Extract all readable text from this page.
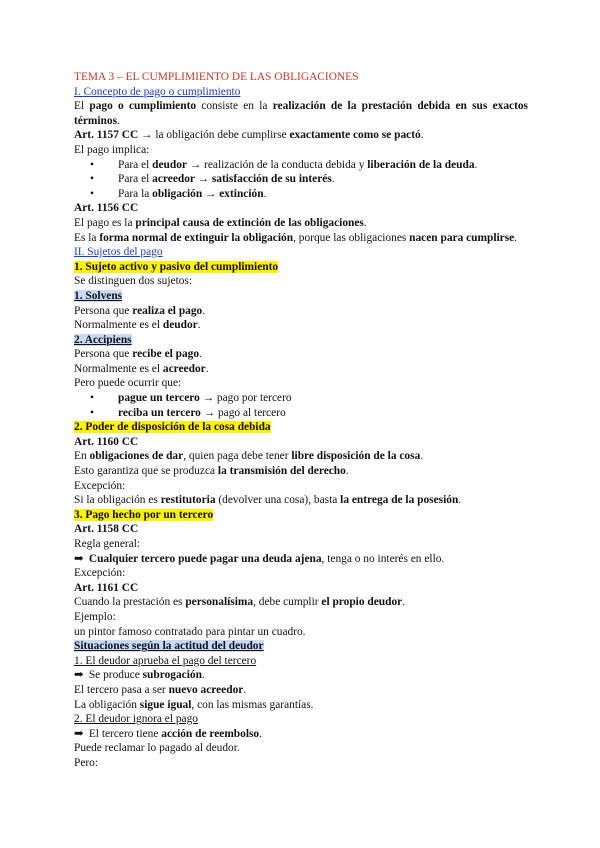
TEMA 3 – EL CUMPLIMIENTO DE LAS OBLIGACIONES
I. Concepto de pago o cumplimiento
El pago o cumplimiento consiste en la realización de la prestación debida en sus exactos términos.
Art. 1157 CC → la obligación debe cumplirse exactamente como se pactó.
El pago implica:
• Para el deudor → realización de la conducta debida y liberación de la deuda.
• Para el acreedor → satisfacción de su interés.
• Para la obligación → extinción.
Art. 1156 CC
El pago es la principal causa de extinción de las obligaciones.
Es la forma normal de extinguir la obligación, porque las obligaciones nacen para cumplirse.
II. Sujetos del pago
1. Sujeto activo y pasivo del cumplimiento
Se distinguen dos sujetos:
1. Solvens
Persona que realiza el pago.
Normalmente es el deudor.
2. Accipiens
Persona que recibe el pago.
Normalmente es el acreedor.
Pero puede ocurrir que:
• pague un tercero → pago por tercero
• reciba un tercero → pago al tercero
2. Poder de disposición de la cosa debida
Art. 1160 CC
En obligaciones de dar, quien paga debe tener libre disposición de la cosa.
Esto garantiza que se produzca la transmisión del derecho.
Excepción:
Si la obligación es restitutoria (devolver una cosa), basta la entrega de la posesión.
3. Pago hecho por un tercero
Art. 1158 CC
Regla general:
➡ Cualquier tercero puede pagar una deuda ajena, tenga o no interés en ello.
Excepción:
Art. 1161 CC
Cuando la prestación es personalísima, debe cumplir el propio deudor.
Ejemplo:
un pintor famoso contratado para pintar un cuadro.
Situaciones según la actitud del deudor
1. El deudor aprueba el pago del tercero
➡ Se produce subrogación.
El tercero pasa a ser nuevo acreedor.
La obligación sigue igual, con las mismas garantías.
2. El deudor ignora el pago
➡ El tercero tiene acción de reembolso.
Puede reclamar lo pagado al deudor.
Pero:
